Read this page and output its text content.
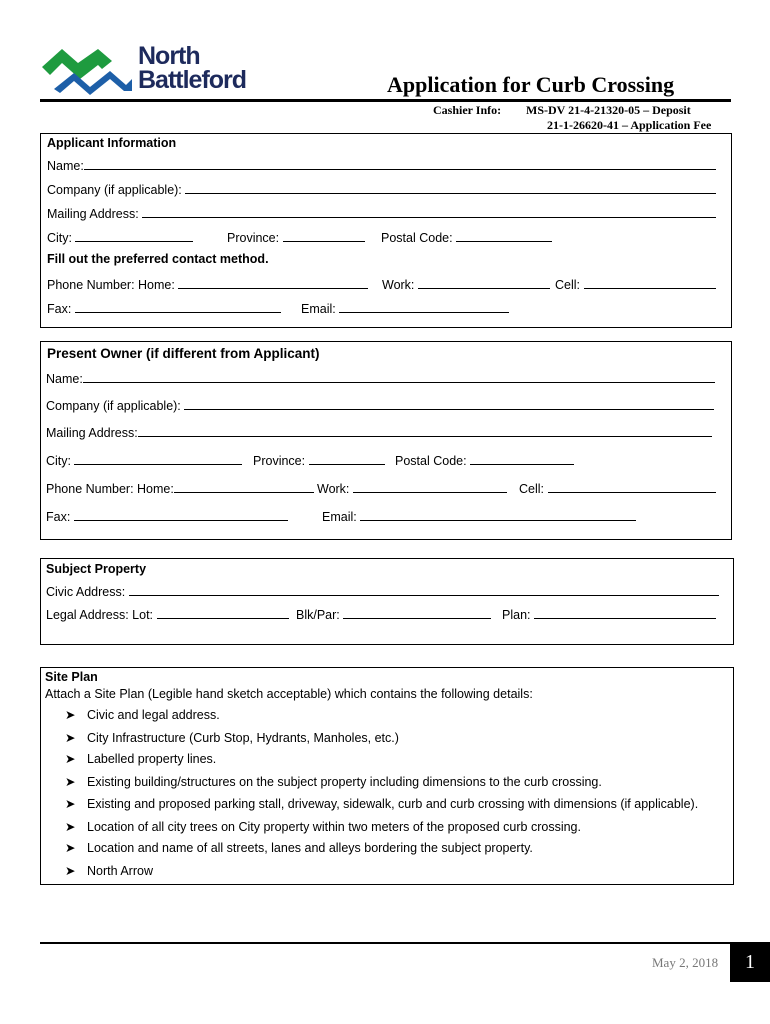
North
Battleford	Application for Curb Crossing
Cashier Info: MS-DV 21-4-21320-05 – Deposit
21-1-26620-41 – Application Fee
Applicant Information
Name:
Company (if applicable):
Mailing Address:
City:	Province:	Postal Code:
Fill out the preferred contact method.
Phone Number: Home:	Work:	Cell:
Fax:	Email:
Present Owner (if different from Applicant)
Name:
Company (if applicable):
Mailing Address:
City:	Province:	Postal Code:
Phone Number: Home:	Work:	Cell:
Fax:	Email:
Subject Property
Civic Address:
Legal Address: Lot:	Blk/Par:	Plan:
Site Plan
Attach a Site Plan (Legible hand sketch acceptable) which contains the following details:
➤ Civic and legal address.
➤ City Infrastructure (Curb Stop, Hydrants, Manholes, etc.)
➤ Labelled property lines.
➤ Existing building/structures on the subject property including dimensions to the curb crossing.
➤ Existing and proposed parking stall, driveway, sidewalk, curb and curb crossing with dimensions (if applicable).
➤ Location of all city trees on City property within two meters of the proposed curb crossing.
➤ Location and name of all streets, lanes and alleys bordering the subject property.
➤ North Arrow
May 2, 2018	1
